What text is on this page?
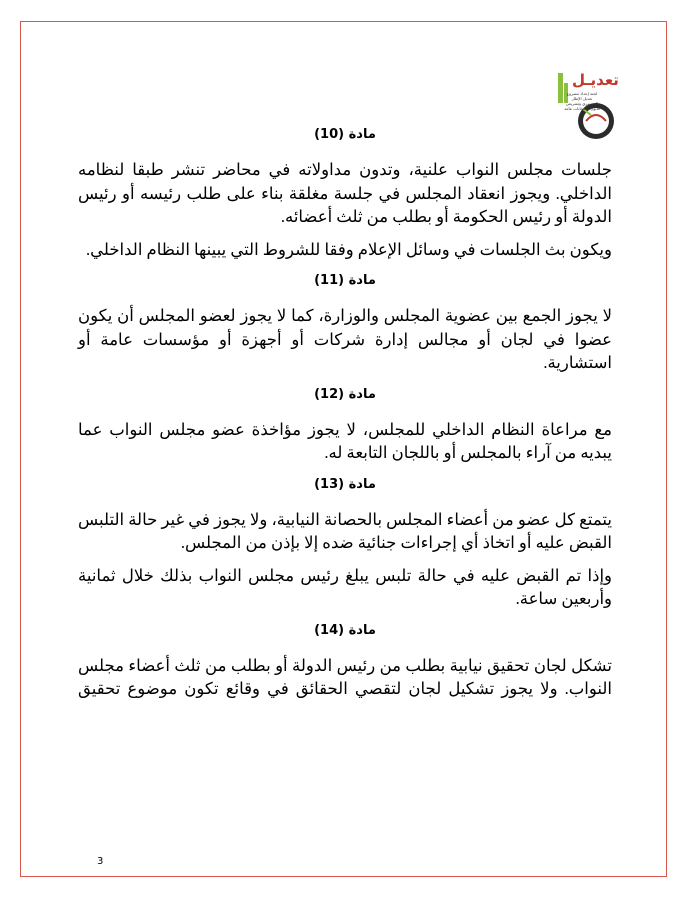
تعديـل
لجنة إعداد مشروع تعديل الإطار الدستوري وتشريعي قانون للانتخابات عامة
3
مادة (10)

جلسات مجلس النواب علنية، وتدون مداولاته في محاضر تنشر طبقا لنظامه الداخلي. ويجوز انعقاد المجلس في جلسة مغلقة بناء على طلب رئيسه أو رئيس الدولة أو رئيس الحكومة أو بطلب من ثلث أعضائه.

ويكون بث الجلسات في وسائل الإعلام وفقا للشروط التي يبينها النظام الداخلي.

مادة (11)

لا يجوز الجمع بين عضوية المجلس والوزارة، كما لا يجوز لعضو المجلس أن يكون عضوا في لجان أو مجالس إدارة شركات أو أجهزة أو مؤسسات عامة أو استشارية.

مادة (12)

مع مراعاة النظام الداخلي للمجلس، لا يجوز مؤاخذة عضو مجلس النواب عما يبديه من آراء بالمجلس أو باللجان التابعة له.

مادة (13)

يتمتع كل عضو من أعضاء المجلس بالحصانة النيابية، ولا يجوز في غير حالة التلبس القبض عليه أو اتخاذ أي إجراءات جنائية ضده إلا بإذن من المجلس.

وإذا تم القبض عليه في حالة تلبس يبلغ رئيس مجلس النواب بذلك خلال ثمانية وأربعين ساعة.

مادة (14)

تشكل لجان تحقيق نيابية بطلب من رئيس الدولة أو بطلب من ثلث أعضاء مجلس النواب. ولا يجوز تشكيل لجان لتقصي الحقائق في وقائع تكون موضوع تحقيق
